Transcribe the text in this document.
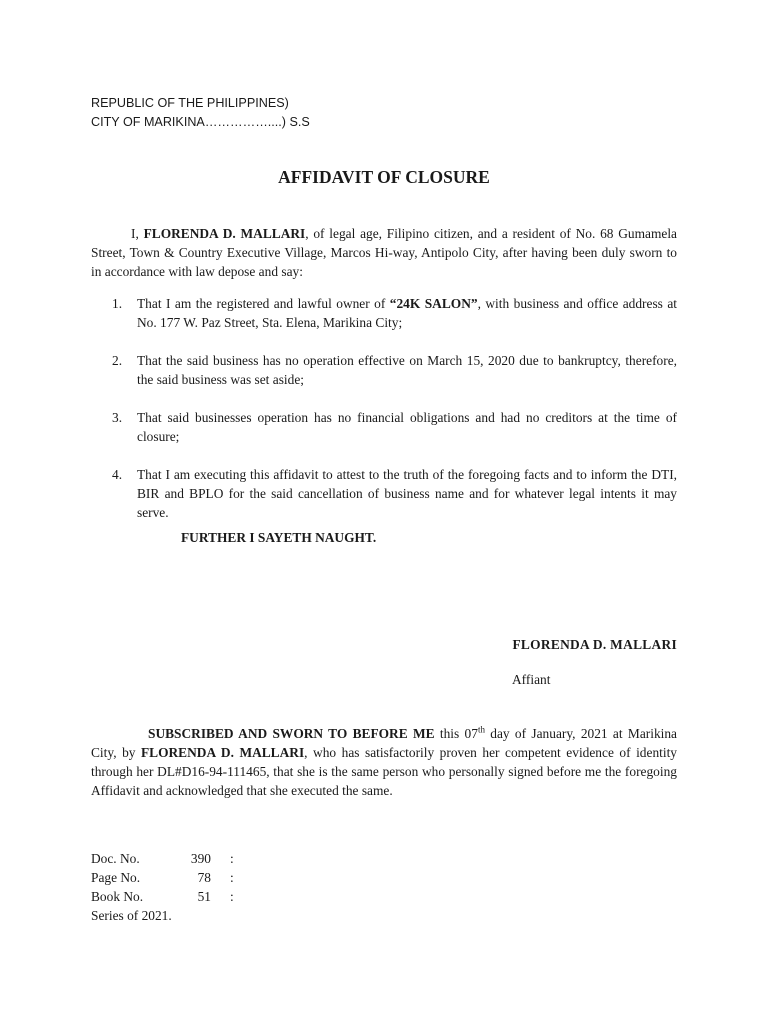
REPUBLIC OF THE PHILIPPINES)
CITY OF MARIKINA……………....) S.S
AFFIDAVIT OF CLOSURE
I, FLORENDA D. MALLARI, of legal age, Filipino citizen, and a resident of No. 68 Gumamela Street, Town & Country Executive Village, Marcos Hi-way, Antipolo City, after having been duly sworn to in accordance with law depose and say:
1. That I am the registered and lawful owner of “24K SALON”, with business and office address at No. 177 W. Paz Street, Sta. Elena, Marikina City;
2. That the said business has no operation effective on March 15, 2020 due to bankruptcy, therefore, the said business was set aside;
3. That said businesses operation has no financial obligations and had no creditors at the time of closure;
4. That I am executing this affidavit to attest to the truth of the foregoing facts and to inform the DTI, BIR and BPLO for the said cancellation of business name and for whatever legal intents it may serve.
FURTHER I SAYETH NAUGHT.
FLORENDA D. MALLARI
Affiant
SUBSCRIBED AND SWORN TO BEFORE ME this 07th day of January, 2021 at Marikina City, by FLORENDA D. MALLARI, who has satisfactorily proven her competent evidence of identity through her DL#D16-94-111465, that she is the same person who personally signed before me the foregoing Affidavit and acknowledged that she executed the same.
Doc. No.	390 :
Page No.	78 :
Book No.	51 :
Series of 2021.
